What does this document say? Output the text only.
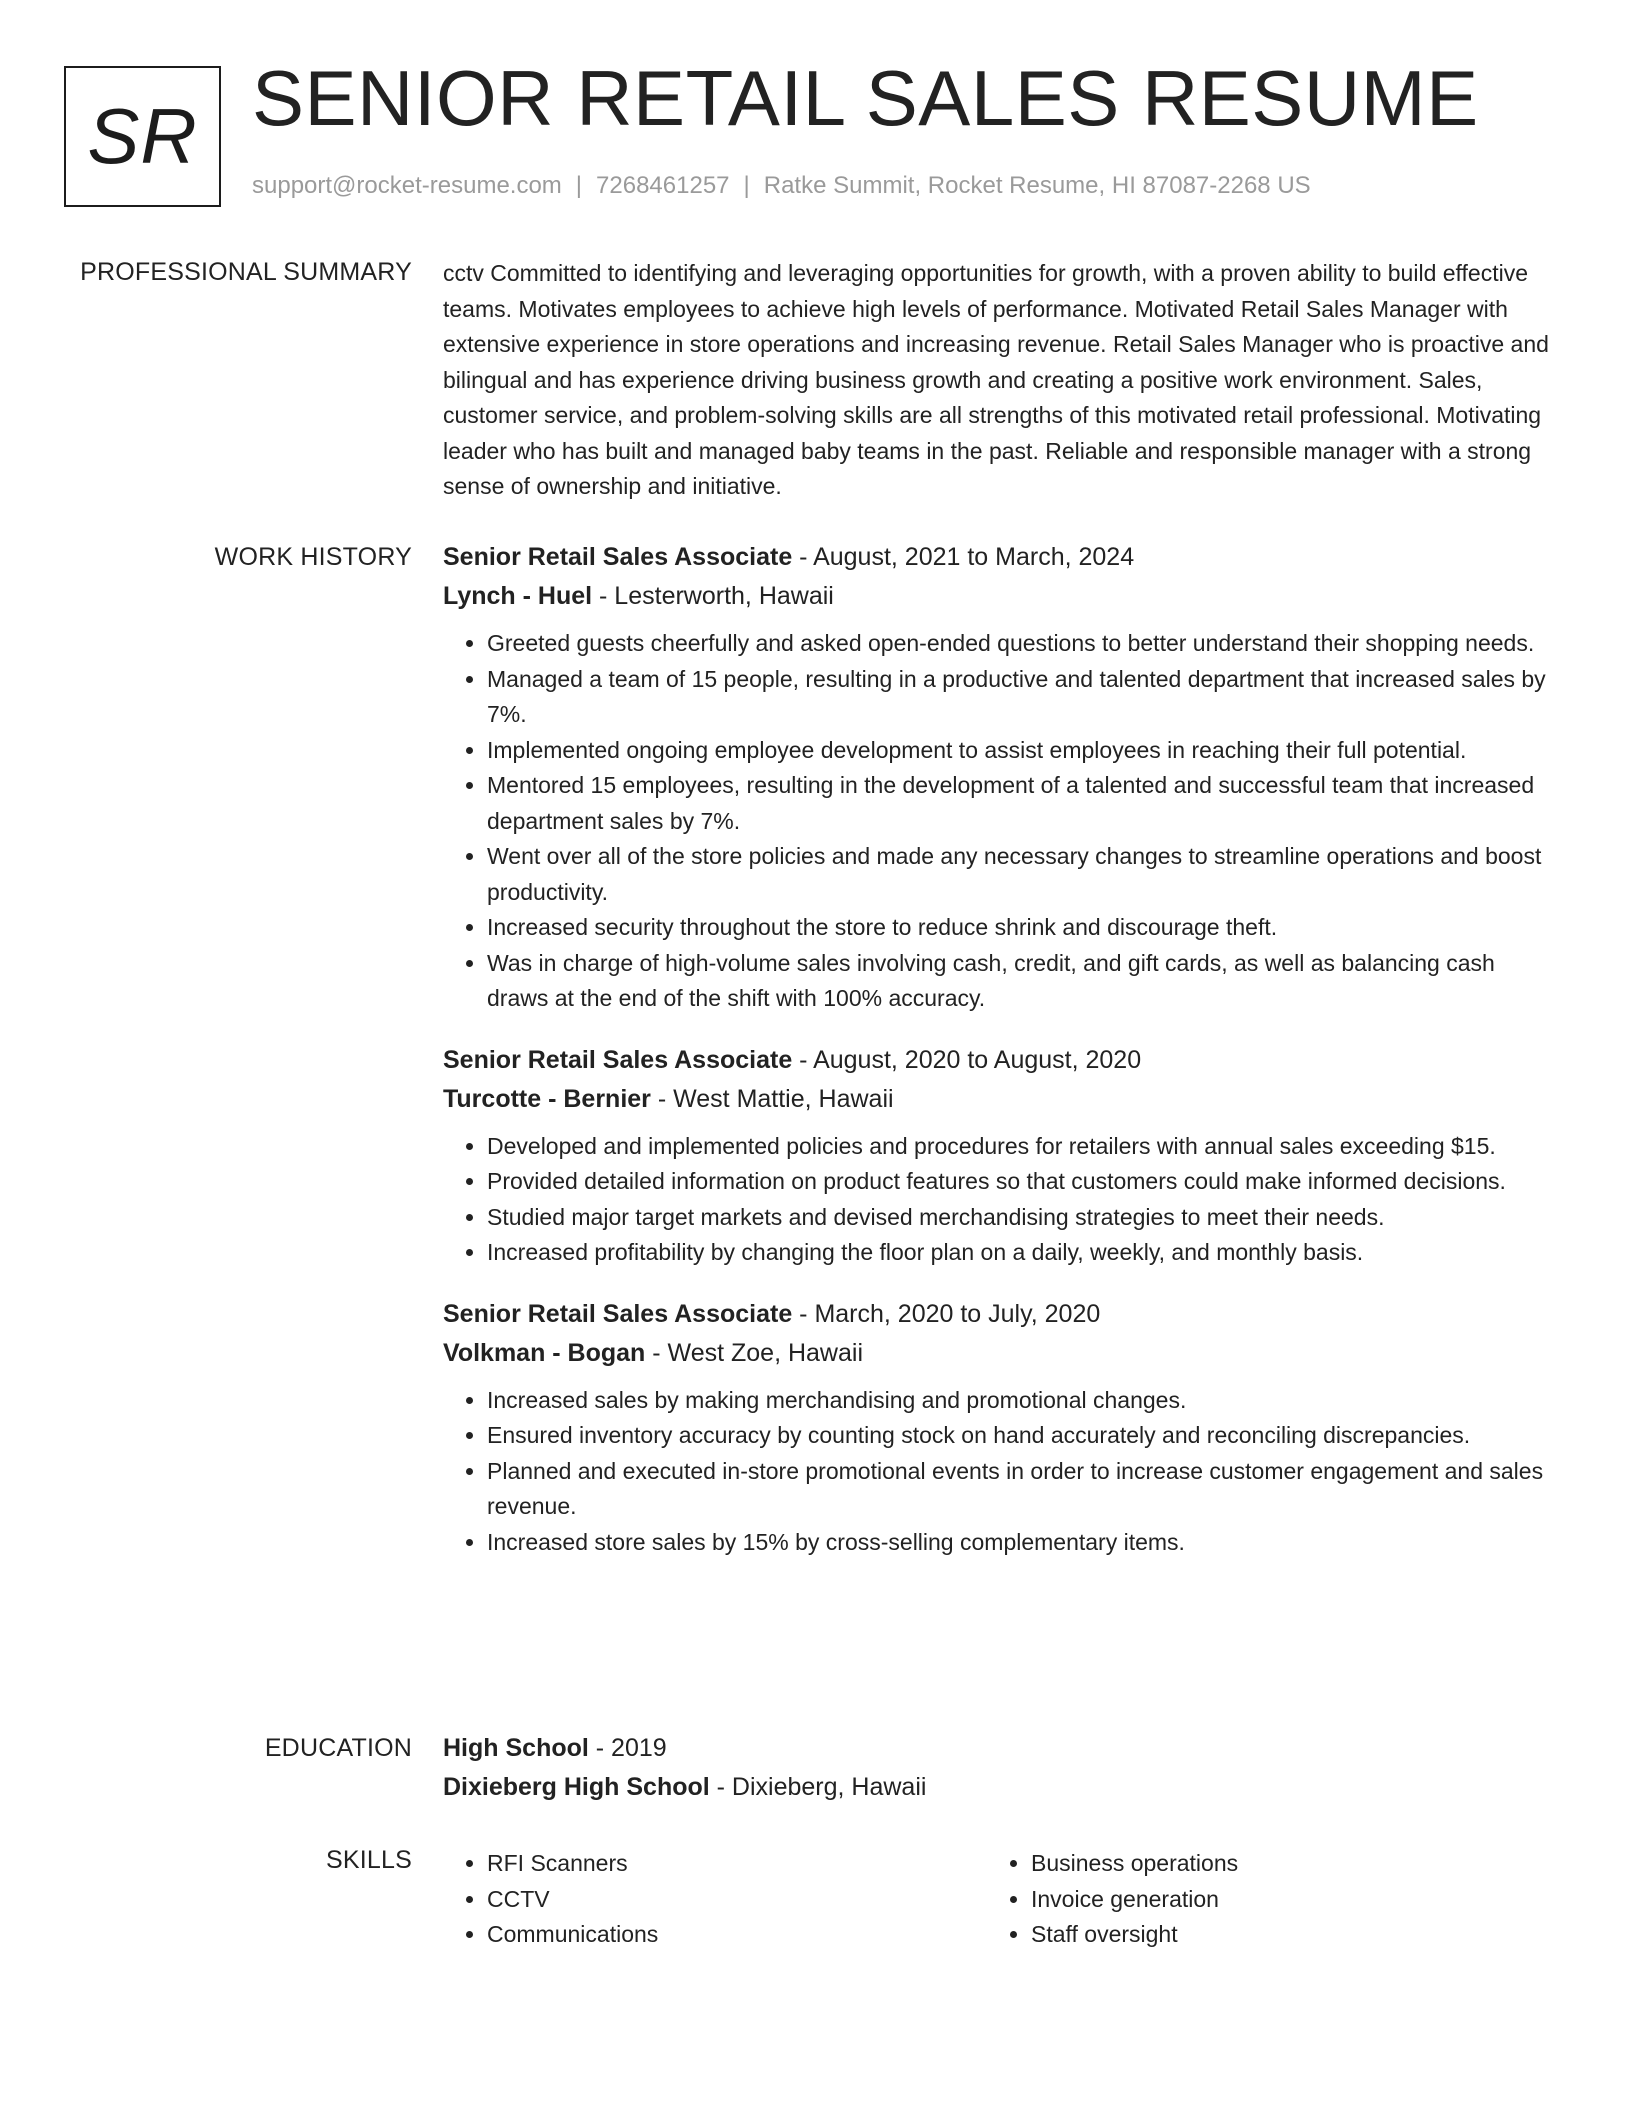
SR SENIOR RETAIL SALES RESUME
support@rocket-resume.com | 7268461257 | Ratke Summit, Rocket Resume, HI 87087-2268 US
PROFESSIONAL SUMMARY cctv Committed to identifying and leveraging opportunities for growth, with a proven ability to build effective teams. Motivates employees to achieve high levels of performance. Motivated Retail Sales Manager with extensive experience in store operations and increasing revenue. Retail Sales Manager who is proactive and bilingual and has experience driving business growth and creating a positive work environment. Sales, customer service, and problem-solving skills are all strengths of this motivated retail professional. Motivating leader who has built and managed baby teams in the past. Reliable and responsible manager with a strong sense of ownership and initiative.

WORK HISTORY Senior Retail Sales Associate - August, 2021 to March, 2024
Lynch - Huel - Lesterworth, Hawaii
• Greeted guests cheerfully and asked open-ended questions to better understand their shopping needs.
• Managed a team of 15 people, resulting in a productive and talented department that increased sales by 7%.
• Implemented ongoing employee development to assist employees in reaching their full potential.
• Mentored 15 employees, resulting in the development of a talented and successful team that increased department sales by 7%.
• Went over all of the store policies and made any necessary changes to streamline operations and boost productivity.
• Increased security throughout the store to reduce shrink and discourage theft.
• Was in charge of high-volume sales involving cash, credit, and gift cards, as well as balancing cash draws at the end of the shift with 100% accuracy.
Senior Retail Sales Associate - August, 2020 to August, 2020
Turcotte - Bernier - West Mattie, Hawaii
• Developed and implemented policies and procedures for retailers with annual sales exceeding $15.
• Provided detailed information on product features so that customers could make informed decisions.
• Studied major target markets and devised merchandising strategies to meet their needs.
• Increased profitability by changing the floor plan on a daily, weekly, and monthly basis.
Senior Retail Sales Associate - March, 2020 to July, 2020
Volkman - Bogan - West Zoe, Hawaii
• Increased sales by making merchandising and promotional changes.
• Ensured inventory accuracy by counting stock on hand accurately and reconciling discrepancies.
• Planned and executed in-store promotional events in order to increase customer engagement and sales revenue.
• Increased store sales by 15% by cross-selling complementary items.
EDUCATION High School - 2019
Dixieberg High School - Dixieberg, Hawaii
SKILLS
•	RFI Scanners
• CCTV
• Communications
• Business operations
• Invoice generation
• Staff oversight
